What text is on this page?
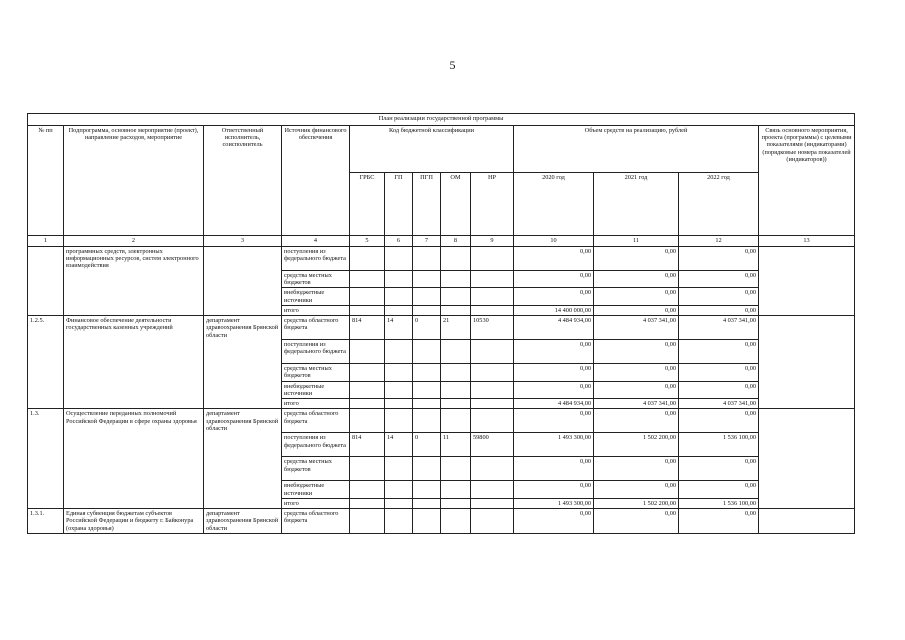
5
План реализации государственной программы												
№ пп	Подпрограмма, основное мероприятие (проект), направление расходов, мероприятие	Ответственный исполнитель, соисполнитель	Источник финансового обеспечения	Код бюджетной классификации					Объем средств на реализацию, рублей			Связь основного мероприятия, проекта (программы) с целевыми показателями (индикаторами) (порядковые номера показателей (индикаторов))
				ГРБС	ГП	ПГП	ОМ	НР	2020 год	2021 год	2022 год	
1	2	3	4	5	6	7	8	9	10	11	12	13
	программных средств, электронных информационных ресурсов, систем электронного взаимодействия		поступления из федерального бюджета						0,00	0,00	0,00	
			средства местных бюджетов						0,00	0,00	0,00	
			внебюджетные источники						0,00	0,00	0,00	
			итого						14 400 000,00	0,00	0,00	
1.2.5.	Финансовое обеспечение деятельности государственных казенных учреждений	департамент здравоохранения Брянской области	средства областного бюджета	814	14	0	21	10530	4 484 934,00	4 037 341,00	4 037 341,00	
			поступления из федерального бюджета						0,00	0,00	0,00	
			средства местных бюджетов						0,00	0,00	0,00	
			внебюджетные источники						0,00	0,00	0,00	
			итого						4 484 934,00	4 037 341,00	4 037 341,00	
1.3.	Осуществление переданных полномочий Российской Федерации в сфере охраны здоровья	департамент здравоохранения Брянской области	средства областного бюджета						0,00	0,00	0,00	
			поступления из федерального бюджета	814	14	0	11	59800	1 493 300,00	1 502 200,00	1 536 100,00	
			средства местных бюджетов						0,00	0,00	0,00	
			внебюджетные источники						0,00	0,00	0,00	
			итого						1 493 300,00	1 502 200,00	1 536 100,00	
1.3.1.	Единая субвенция бюджетам субъектов Российской Федерации и бюджету г. Байконура (охрана здоровья)	департамент здравоохранения Брянской области	средства областного бюджета						0,00	0,00	0,00	
